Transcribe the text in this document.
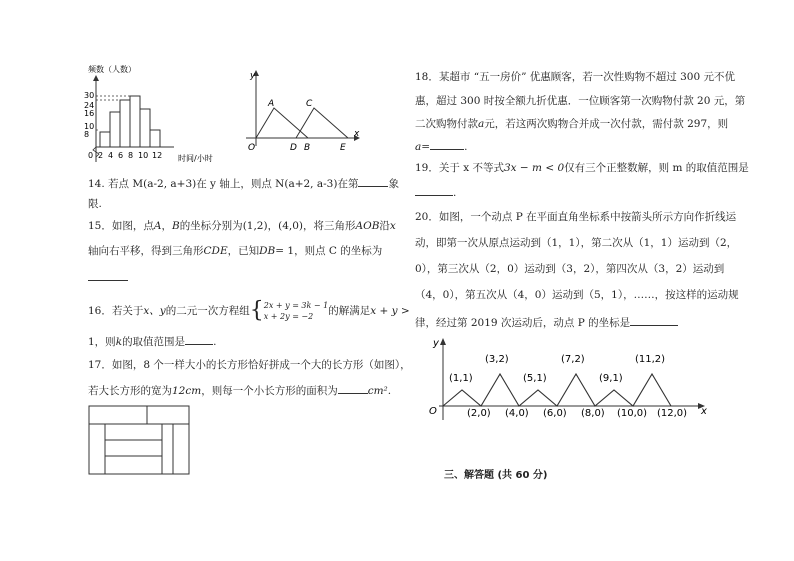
频数（人数）
30
24
16
10
8
0 2 4 6 8 10 12 时间/小时
y
x
O
A	C
D B	E
14. 若点 M(a-2, a+3)在 y 轴上，则点 N(a+2, a-3)在第	象
限.
15．如图，点A，B的坐标分别为(1,2)，(4,0)，将三角形AOB沿x
轴向右平移，得到三角形CDE，已知DB= 1，则点 C 的坐标为
16．若关于x、y的二元一次方程组{2x + y = 3k − 1
x + 2y = −2 的解满足x + y >
1，则k的取值范围是	.
17．如图，8 个一样大小的长方形恰好拼成一个大的长方形（如图），
若大长方形的宽为12cm，则每一个小长方形的面积为	cm².
18．某超市 “五一房价” 优惠顾客，若一次性购物不超过 300 元不优
惠，超过 300 时按全额九折优惠．一位顾客第一次购物付款 20 元，第
二次购物付款a元，若这两次购物合并成一次付款，需付款 297，则
a=	.
19．关于 x 不等式3x − m < 0仅有三个正整数解，则 m 的取值范围是
.
20．如图，一个动点 P 在平面直角坐标系中按箭头所示方向作折线运
动，即第一次从原点运动到（1，1），第二次从（1，1）运动到（2，
0），第三次从（2，0）运动到（3，2），第四次从（3，2）运动到
（4，0），第五次从（4，0）运动到（5，1），……，按这样的运动规
律，经过第 2019 次运动后，动点 P 的坐标是
y
x
O
(1,1)
(3,2)
(5,1)
(7,2)
(9,1)
(11,2)
(2,0) (4,0) (6,0) (8,0) (10,0) (12,0)
三、解答题 (共 60 分)
